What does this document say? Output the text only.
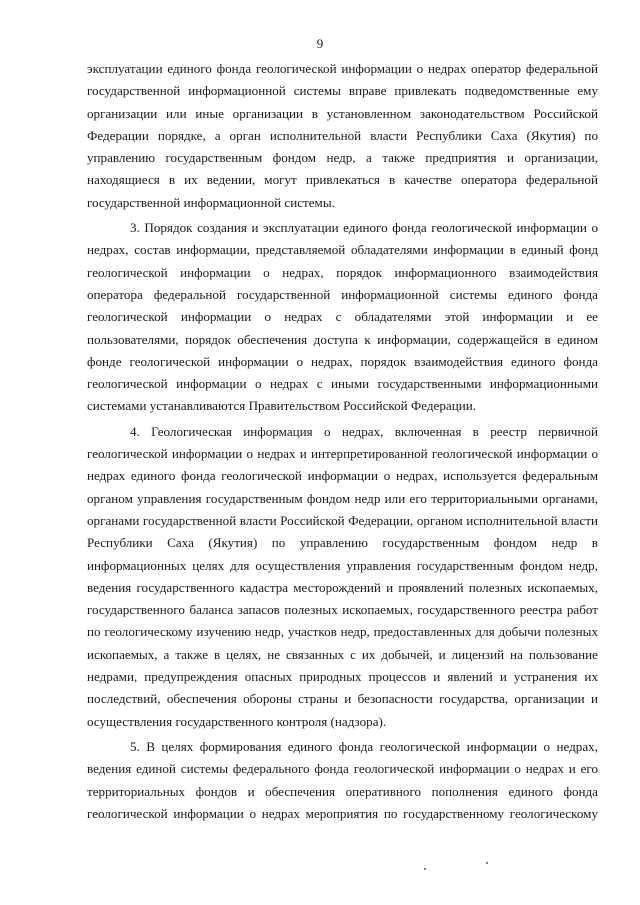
9
эксплуатации единого фонда геологической информации о недрах оператор федеральной
государственной информационной системы вправе привлекать подведомственные ему
организации или иные организации в установленном законодательством Российской
Федерации порядке, а орган исполнительной власти Республики Саха (Якутия) по
управлению государственным фондом недр, а также предприятия и организации,
находящиеся в их ведении, могут привлекаться в качестве оператора федеральной
государственной информационной системы.
3. Порядок создания и эксплуатации единого фонда геологической информации о
недрах, состав информации, представляемой обладателями информации в единый фонд
геологической информации о недрах, порядок информационного взаимодействия
оператора федеральной государственной информационной системы единого фонда
геологической информации о недрах с обладателями этой информации и ее
пользователями, порядок обеспечения доступа к информации, содержащейся в едином
фонде геологической информации о недрах, порядок взаимодействия единого фонда
геологической информации о недрах с иными государственными информационными
системами устанавливаются Правительством Российской Федерации.
4. Геологическая информация о недрах, включенная в реестр первичной
геологической информации о недрах и интерпретированной геологической информации о
недрах единого фонда геологической информации о недрах, используется федеральным
органом управления государственным фондом недр или его территориальными органами,
органами государственной власти Российской Федерации, органом исполнительной власти
Республики Саха (Якутия) по управлению государственным фондом недр в
информационных целях для осуществления управления государственным фондом недр,
ведения государственного кадастра месторождений и проявлений полезных ископаемых,
государственного баланса запасов полезных ископаемых, государственного реестра работ
по геологическому изучению недр, участков недр, предоставленных для добычи полезных
ископаемых, а также в целях, не связанных с их добычей, и лицензий на пользование
недрами, предупреждения опасных природных процессов и явлений и устранения их
последствий, обеспечения обороны страны и безопасности государства, организации и
осуществления государственного контроля (надзора).
5. В целях формирования единого фонда геологической информации о недрах,
ведения единой системы федерального фонда геологической информации о недрах и его
территориальных фондов и обеспечения оперативного пополнения единого фонда
геологической информации о недрах мероприятия по государственному геологическому
